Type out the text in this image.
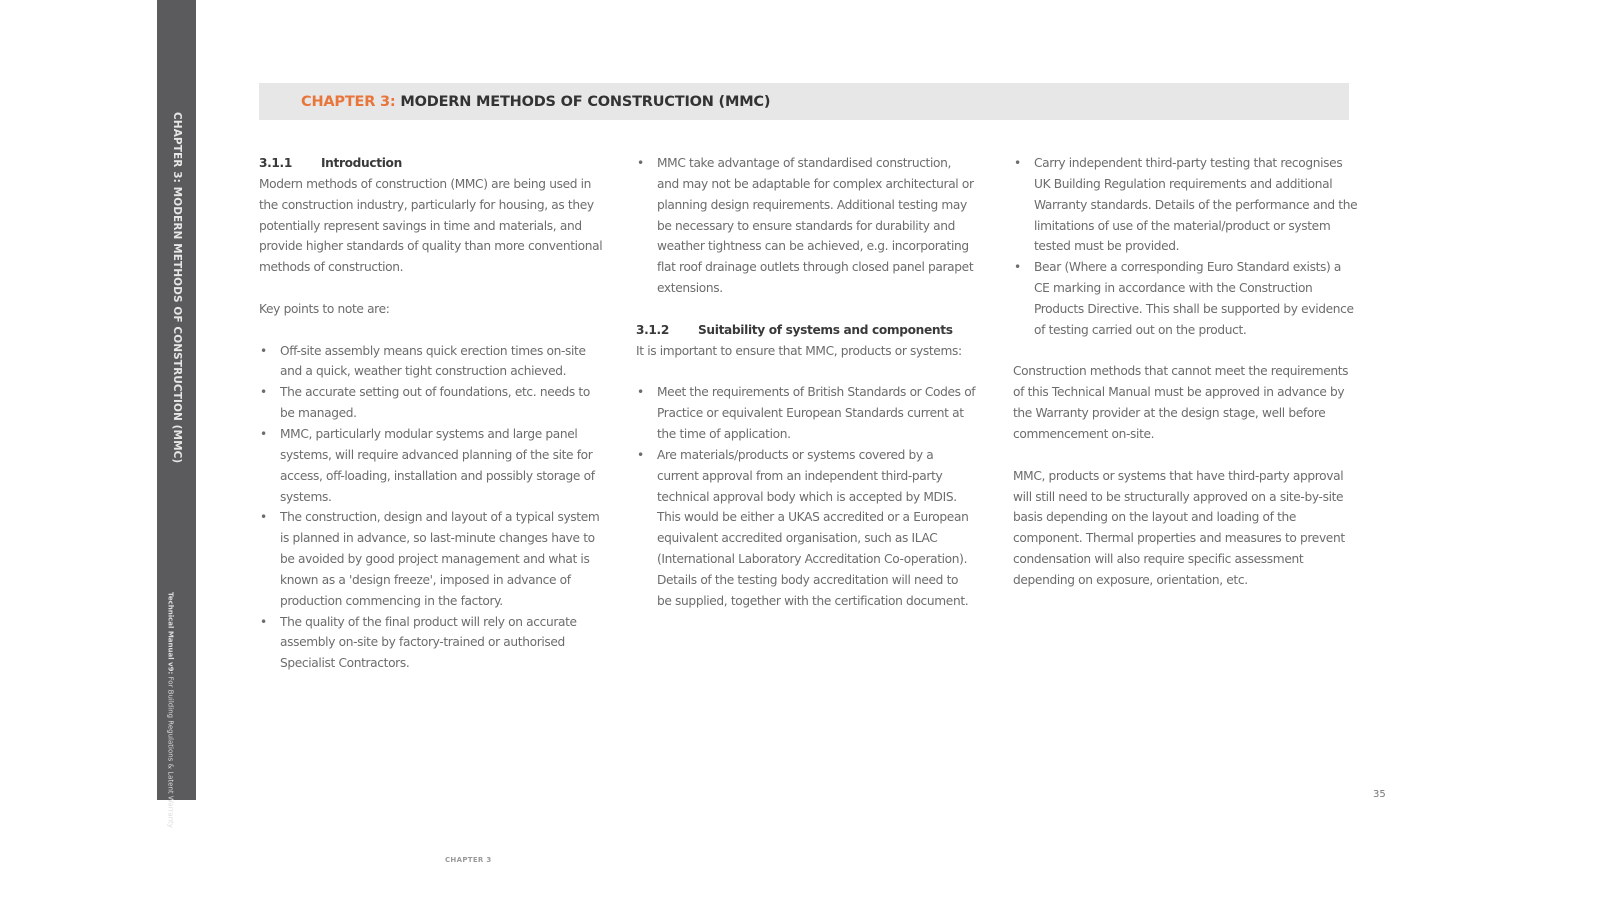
CHAPTER 3: MODERN METHODS OF CONSTRUCTION (MMC)
Technical Manual v9: For Building Regulations & Latent Warranty
CHAPTER 3: MODERN METHODS OF CONSTRUCTION (MMC)
3.1.1 Introduction

Modern methods of construction (MMC) are being used in the construction industry, particularly for housing, as they potentially represent savings in time and materials, and provide higher standards of quality than more conventional methods of construction.

Key points to note are:

• Off-site assembly means quick erection times on-site and a quick, weather tight construction achieved.
• The accurate setting out of foundations, etc. needs to be managed.
• MMC, particularly modular systems and large panel systems, will require advanced planning of the site for access, off-loading, installation and possibly storage of systems.
• The construction, design and layout of a typical system is planned in advance, so last-minute changes have to be avoided by good project management and what is known as a 'design freeze', imposed in advance of production commencing in the factory.
• The quality of the final product will rely on accurate assembly on-site by factory-trained or authorised Specialist Contractors.
• MMC take advantage of standardised construction, and may not be adaptable for complex architectural or planning design requirements. Additional testing may be necessary to ensure standards for durability and weather tightness can be achieved, e.g. incorporating flat roof drainage outlets through closed panel parapet extensions.
3.1.2 Suitability of systems and components

It is important to ensure that MMC, products or systems:

• Meet the requirements of British Standards or Codes of Practice or equivalent European Standards current at the time of application.
• Are materials/products or systems covered by a current approval from an independent third-party technical approval body which is accepted by MDIS. This would be either a UKAS accredited or a European equivalent accredited organisation, such as ILAC (International Laboratory Accreditation Co-operation). Details of the testing body accreditation will need to be supplied, together with the certification document.
• Carry independent third-party testing that recognises UK Building Regulation requirements and additional Warranty standards. Details of the performance and the limitations of use of the material/product or system tested must be provided.
• Bear (Where a corresponding Euro Standard exists) a CE marking in accordance with the Construction Products Directive. This shall be supported by evidence of testing carried out on the product.

Construction methods that cannot meet the requirements of this Technical Manual must be approved in advance by the Warranty provider at the design stage, well before commencement on-site.

MMC, products or systems that have third-party approval will still need to be structurally approved on a site-by-site basis depending on the layout and loading of the component. Thermal properties and measures to prevent condensation will also require specific assessment depending on exposure, orientation, etc.

35
CHAPTER 3
